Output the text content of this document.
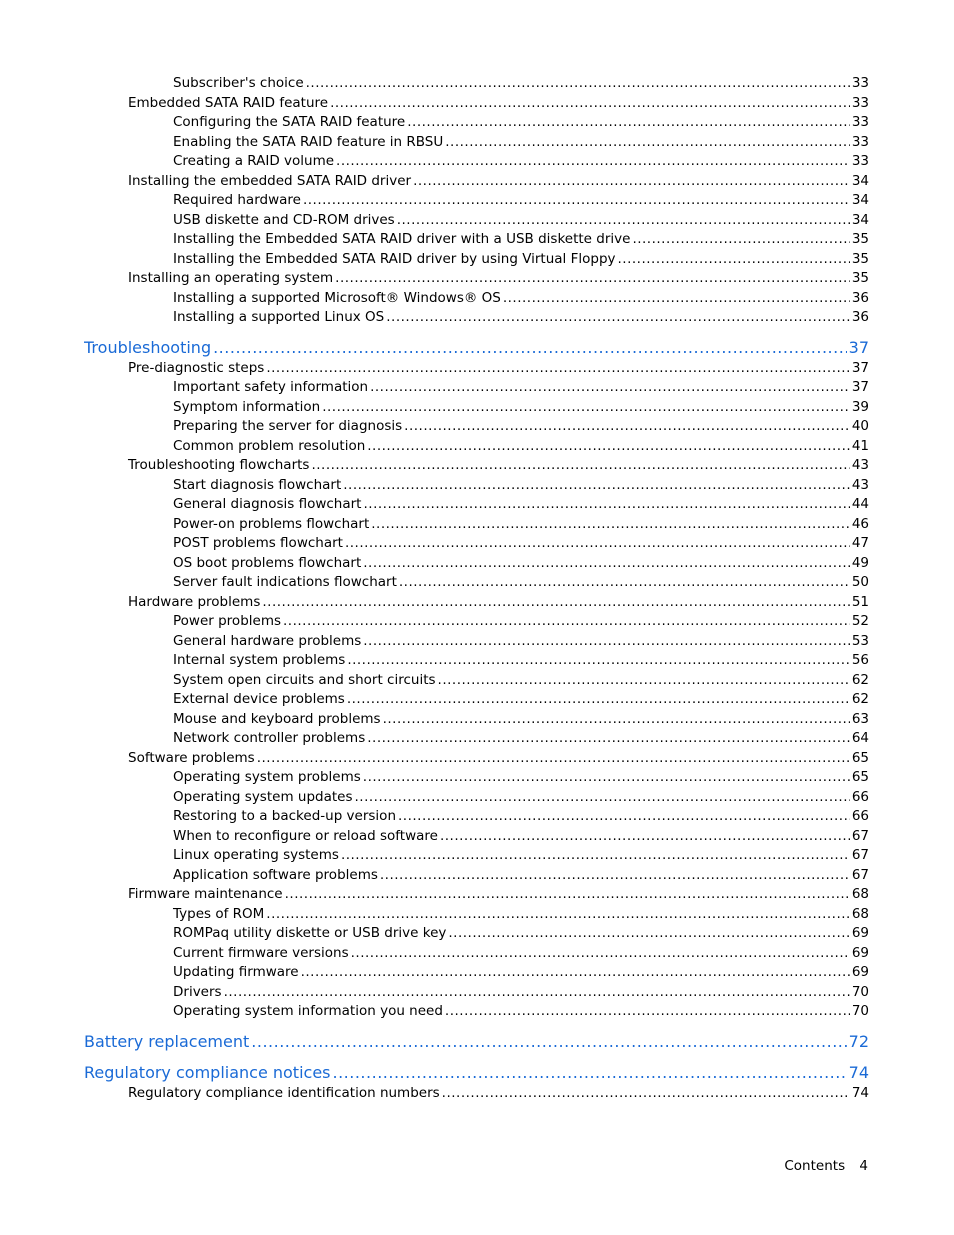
Subscriber's choice .....	33
Embedded SATA RAID feature .....	33
Configuring the SATA RAID feature .....	33
Enabling the SATA RAID feature in RBSU .....	33
Creating a RAID volume .....	33
Installing the embedded SATA RAID driver .....	34
Required hardware .....	34
USB diskette and CD-ROM drives .....	34
Installing the Embedded SATA RAID driver with a USB diskette drive .....	35
Installing the Embedded SATA RAID driver by using Virtual Floppy .....	35
Installing an operating system .....	35
Installing a supported Microsoft® Windows® OS .....	36
Installing a supported Linux OS .....	36
Troubleshooting .....	37
Pre-diagnostic steps .....	37
Important safety information .....	37
Symptom information .....	39
Preparing the server for diagnosis .....	40
Common problem resolution .....	41
Troubleshooting flowcharts .....	43
Start diagnosis flowchart .....	43
General diagnosis flowchart .....	44
Power-on problems flowchart .....	46
POST problems flowchart .....	47
OS boot problems flowchart .....	49
Server fault indications flowchart .....	50
Hardware problems .....	51
Power problems .....	52
General hardware problems .....	53
Internal system problems .....	56
System open circuits and short circuits .....	62
External device problems .....	62
Mouse and keyboard problems .....	63
Network controller problems .....	64
Software problems .....	65
Operating system problems .....	65
Operating system updates .....	66
Restoring to a backed-up version .....	66
When to reconfigure or reload software .....	67
Linux operating systems .....	67
Application software problems .....	67
Firmware maintenance .....	68
Types of ROM .....	68
ROMPaq utility diskette or USB drive key .....	69
Current firmware versions .....	69
Updating firmware .....	69
Drivers .....	70
Operating system information you need .....	70
Battery replacement .....	72
Regulatory compliance notices .....	74
Regulatory compliance identification numbers .....	74
Contents 4
